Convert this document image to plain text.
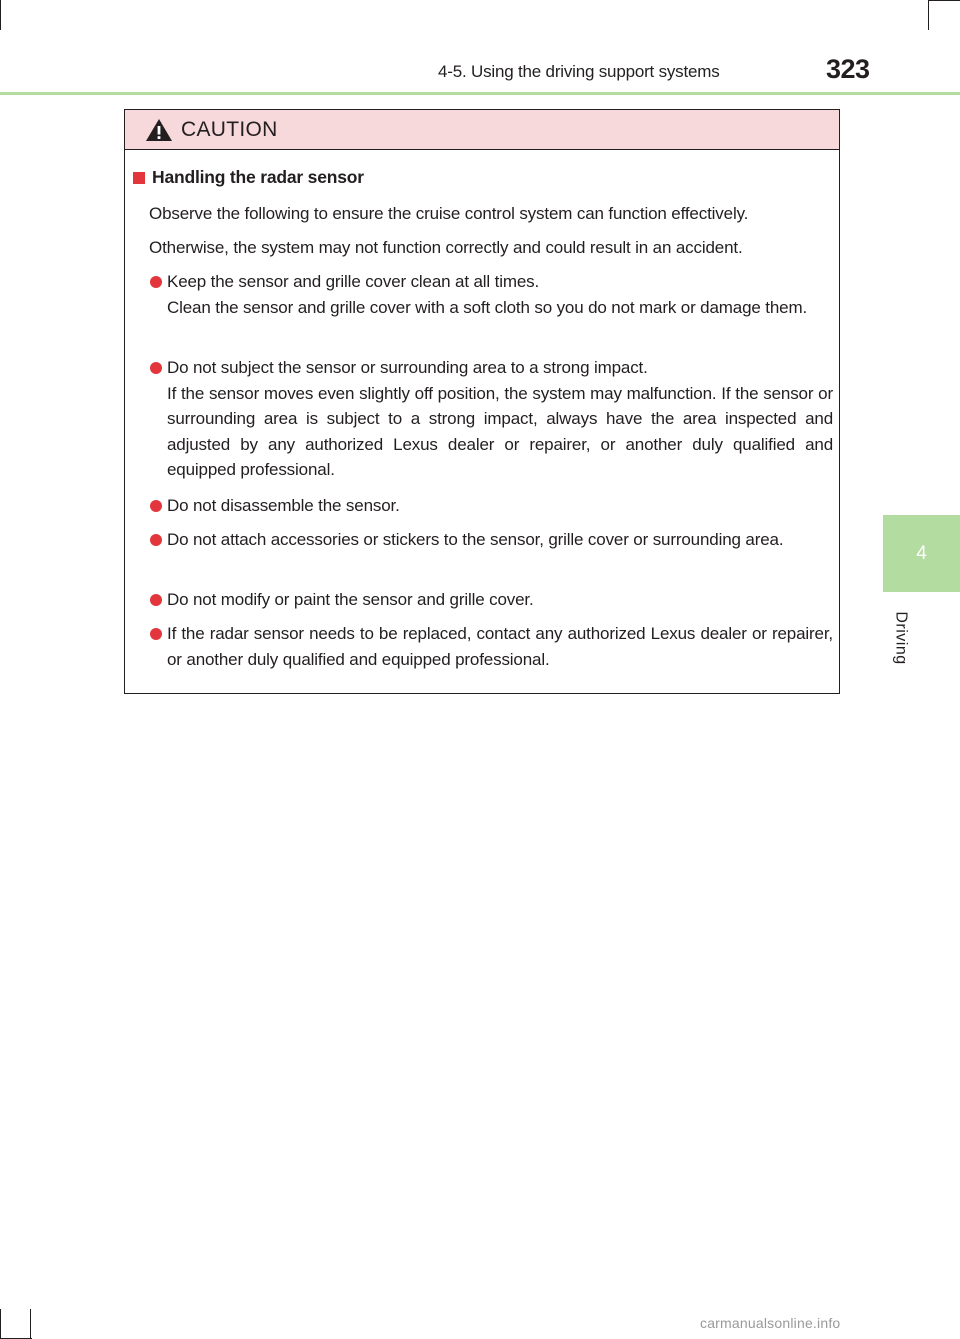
4-5. Using the driving support systems	323
4
Driving
CAUTION
Handling the radar sensor
Observe the following to ensure the cruise control system can function effectively.
Otherwise, the system may not function correctly and could result in an accident.

Keep the sensor and grille cover clean at all times.

Clean the sensor and grille cover with a soft cloth so you do not mark or damage them.

Do not subject the sensor or surrounding area to a strong impact.

If the sensor moves even slightly off position, the system may malfunction. If the sensor or surrounding area is subject to a strong impact, always have the area inspected and adjusted by any authorized Lexus dealer or repairer, or another duly qualified and equipped professional.

Do not disassemble the sensor.

Do not attach accessories or stickers to the sensor, grille cover or surrounding area.

Do not modify or paint the sensor and grille cover.

If the radar sensor needs to be replaced, contact any authorized Lexus dealer or repairer, or another duly qualified and equipped professional.

carmanualsonline.info
